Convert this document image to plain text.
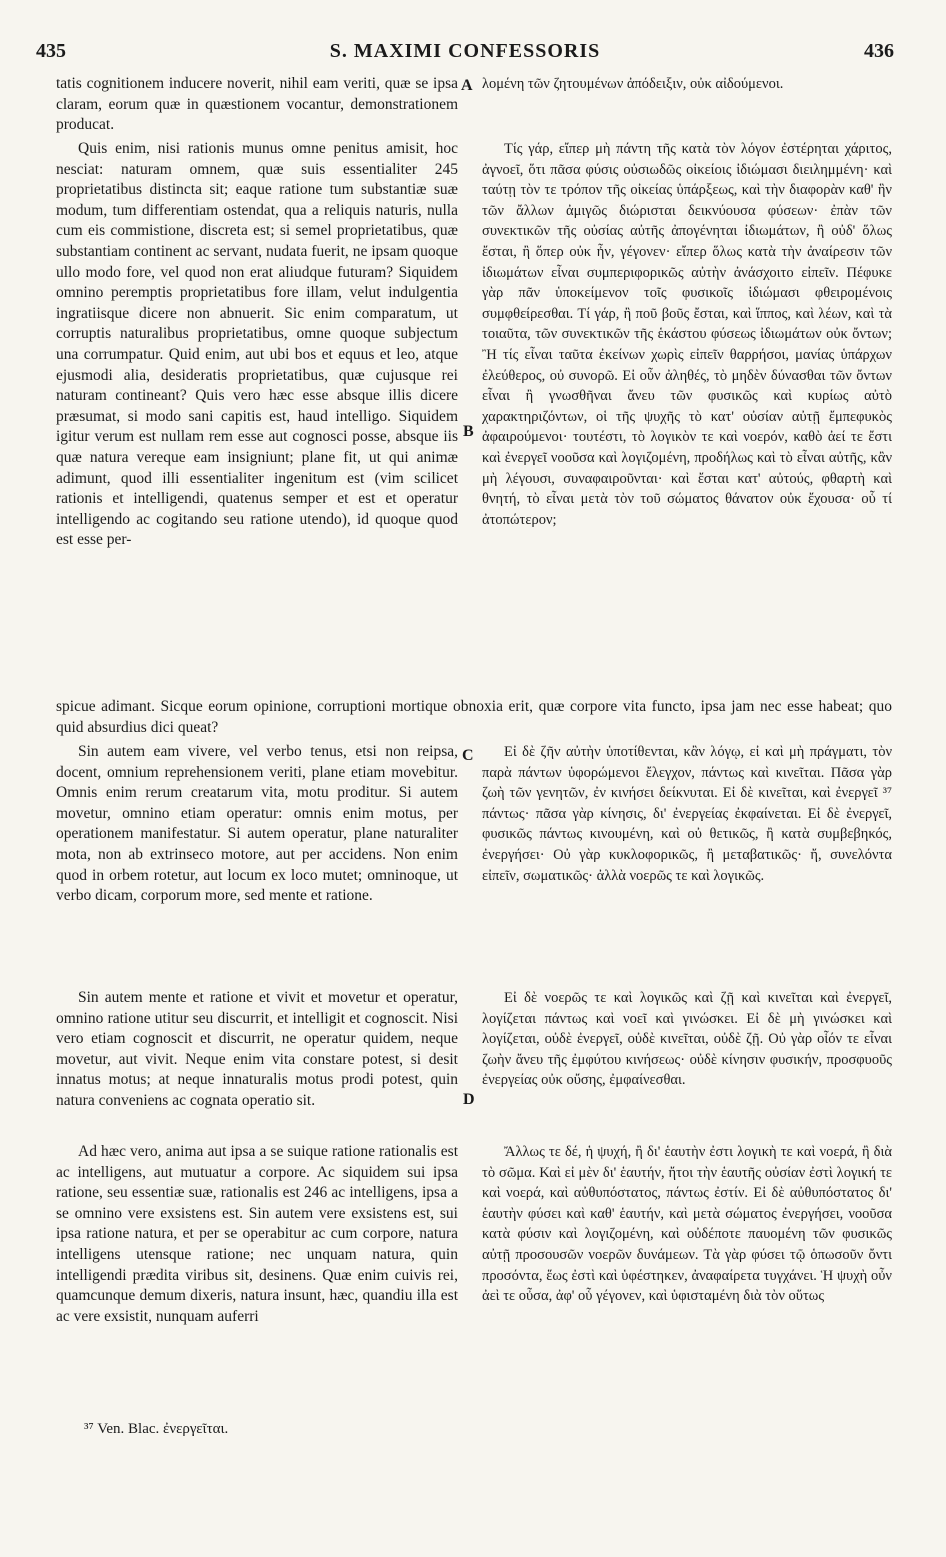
435	S. MAXIMI CONFESSORIS	436

tatis cognitionem inducere noverit, nihil eam veriti, quæ se ipsa claram, eorum quæ in quæstionem vocantur, demonstrationem producat.

Quis enim, nisi rationis munus omne penitus amisit, hoc nesciat: naturam omnem, quæ suis essentialiter 245 proprietatibus distincta sit; eaque ratione tum substantiæ suæ modum, tum differentiam ostendat, qua a reliquis naturis, nulla cum eis commistione, discreta est; si semel proprietatibus, quæ substantiam continent ac servant, nudata fuerit, ne ipsam quoque ullo modo fore, vel quod non erat aliudque futuram? Siquidem omnino peremptis proprietatibus fore illam, velut indulgentia ingratiisque dicere non abnuerit. Sic enim comparatum, ut corruptis naturalibus proprietatibus, omne quoque subjectum una corrumpatur. Quid enim, aut ubi bos et equus et leo, atque ejusmodi alia, desideratis proprietatibus, quæ cujusque rei naturam contineant? Quis vero hæc esse absque illis dicere præsumat, si modo sani capitis est, haud intelligo. Siquidem igitur verum est nullam rem esse aut cognosci posse, absque iis quæ natura vereque eam insigniunt; plane fit, ut qui animæ adimunt, quod illi essentialiter ingenitum est (vim scilicet rationis et intelligendi, quatenus semper et est et operatur intelligendo ac cogitando seu ratione utendo), id quoque quod est esse per-

spicue adimant. Sicque eorum opinione, corruptioni mortique obnoxia erit, quæ corpore vita functo, ipsa jam nec esse habeat; quo quid absurdius dici queat?

Sin autem eam vivere, vel verbo tenus, etsi non reipsa, docent, omnium reprehensionem veriti, plane etiam movebitur. Omnis enim rerum creatarum vita, motu proditur. Si autem movetur, omnino etiam operatur: omnis enim motus, per operationem manifestatur. Si autem operatur, plane naturaliter mota, non ab extrinseco motore, aut per accidens. Non enim quod in orbem rotetur, aut locum ex loco mutet; omninoque, ut verbo dicam, corporum more, sed mente et ratione.

Sin autem mente et ratione et vivit et movetur et operatur, omnino ratione utitur seu discurrit, et intelligit et cognoscit. Nisi vero etiam cognoscit et discurrit, ne operatur quidem, neque movetur, aut vivit. Neque enim vita constare potest, si desit innatus motus; at neque innaturalis motus prodi potest, quin natura conveniens ac cognata operatio sit.

Ad hæc vero, anima aut ipsa a se suique ratione rationalis est ac intelligens, aut mutuatur a corpore. Ac siquidem sui ipsa ratione, seu essentiæ suæ, rationalis est 246 ac intelligens, ipsa a se omnino vere exsistens est. Sin autem vere exsistens est, sui ipsa ratione natura, et per se operabitur ac cum corpore, natura intelligens utensque ratione; nec unquam natura, quin intelligendi prædita viribus sit, desinens. Quæ enim cuivis rei, quamcunque demum dixeris, natura insunt, hæc, quandiu illa est ac vere exsistit, nunquam auferri

λομένη τῶν ζητουμένων ἀπόδειξιν, οὐκ αἰδούμενοι.

Τίς γάρ, εἴπερ μὴ πάντη τῆς κατὰ τὸν λόγον ἐστέρηται χάριτος, ἀγνοεῖ, ὅτι πᾶσα φύσις οὐσιωδῶς οἰκείοις ἰδιώμασι διειλημμένη· καὶ ταύτῃ τὸν τε τρόπον τῆς οἰκείας ὑπάρξεως, καὶ τὴν διαφορὰν καθ' ἣν τῶν ἄλλων ἀμιγῶς διώρισται δεικνύουσα φύσεων· ἐπὰν τῶν συνεκτικῶν τῆς οὐσίας αὐτῆς ἀπογένηται ἰδιωμάτων, ἢ οὐδ' ὅλως ἔσται, ἢ ὅπερ οὐκ ἦν, γέγονεν· εἴπερ ὅλως κατὰ τὴν ἀναίρεσιν τῶν ἰδιωμάτων εἶναι συμπεριφορικῶς αὐτὴν ἀνάσχοιτο εἰπεῖν. Πέφυκε γὰρ πᾶν ὑποκείμενον τοῖς φυσικοῖς ἰδιώμασι φθειρομένοις συμφθείρεσθαι. Τί γάρ, ἢ ποῦ βοῦς ἔσται, καὶ ἵππος, καὶ λέων, καὶ τὰ τοιαῦτα, τῶν συνεκτικῶν τῆς ἑκάστου φύσεως ἰδιωμάτων οὐκ ὄντων; Ἢ τίς εἶναι ταῦτα ἐκείνων χωρὶς εἰπεῖν θαρρήσοι, μανίας ὑπάρχων ἐλεύθερος, οὐ συνορῶ. Εἰ οὖν ἀληθές, τὸ μηδὲν δύνασθαι τῶν ὄντων εἶναι ἢ γνωσθῆναι ἄνευ τῶν φυσικῶς καὶ κυρίως αὐτὸ χαρακτηριζόντων, οἱ τῆς ψυχῆς τὸ κατ' οὐσίαν αὐτῇ ἔμπεφυκὸς ἀφαιρούμενοι· τουτέστι, τὸ λογικὸν τε καὶ νοερόν, καθὸ ἀεί τε ἔστι καὶ ἐνεργεῖ νοοῦσα καὶ λογιζομένη, προδήλως καὶ τὸ εἶναι αὐτῆς, κἂν μὴ λέγουσι, συναφαιροῦνται· καὶ ἔσται κατ' αὐτούς, φθαρτὴ καὶ θνητή, τὸ εἶναι μετὰ τὸν τοῦ σώματος θάνατον οὐκ ἔχουσα· οὗ τί ἀτοπώτερον;

Εἰ δὲ ζῆν αὐτὴν ὑποτίθενται, κἂν λόγῳ, εἰ καὶ μὴ πράγματι, τὸν παρὰ πάντων ὑφορώμενοι ἔλεγχον, πάντως καὶ κινεῖται. Πᾶσα γὰρ ζωὴ τῶν γενητῶν, ἐν κινήσει δείκνυται. Εἰ δὲ κινεῖται, καὶ ἐνεργεῖ ³⁷ πάντως· πᾶσα γὰρ κίνησις, δι' ἐνεργείας ἐκφαίνεται. Εἰ δὲ ἐνεργεῖ, φυσικῶς πάντως κινουμένη, καὶ οὐ θετικῶς, ἢ κατὰ συμβεβηκός, ἐνεργήσει· Οὐ γὰρ κυκλοφορικῶς, ἢ μεταβατικῶς· ἤ, συνελόντα εἰπεῖν, σωματικῶς· ἀλλὰ νοερῶς τε καὶ λογικῶς.

Εἰ δὲ νοερῶς τε καὶ λογικῶς καὶ ζῇ καὶ κινεῖται καὶ ἐνεργεῖ, λογίζεται πάντως καὶ νοεῖ καὶ γινώσκει. Εἰ δὲ μὴ γινώσκει καὶ λογίζεται, οὐδὲ ἐνεργεῖ, οὐδὲ κινεῖται, οὐδὲ ζῇ. Οὐ γὰρ οἷόν τε εἶναι ζωὴν ἄνευ τῆς ἐμφύτου κινήσεως· οὐδὲ κίνησιν φυσικήν, προσφυοῦς ἐνεργείας οὐκ οὔσης, ἐμφαίνεσθαι.

Ἄλλως τε δέ, ἡ ψυχή, ἢ δι' ἑαυτὴν ἐστι λογικὴ τε καὶ νοερά, ἢ διὰ τὸ σῶμα. Καὶ εἰ μὲν δι' ἑαυτήν, ἤτοι τὴν ἑαυτῆς οὐσίαν ἐστὶ λογική τε καὶ νοερά, καὶ αὐθυπόστατος, πάντως ἐστίν. Εἰ δὲ αὐθυπόστατος δι' ἑαυτὴν φύσει καὶ καθ' ἑαυτήν, καὶ μετὰ σώματος ἐνεργήσει, νοοῦσα κατὰ φύσιν καὶ λογιζομένη, καὶ οὐδέποτε παυομένη τῶν φυσικῶς αὐτῇ προσουσῶν νοερῶν δυνάμεων. Τὰ γὰρ φύσει τῷ ὁπωσοῦν ὄντι προσόντα, ἕως ἐστὶ καὶ ὑφέστηκεν, ἀναφαίρετα τυγχάνει. Ἡ ψυχὴ οὖν ἀεὶ τε οὖσα, ἀφ' οὗ γέγονεν, καὶ ὑφισταμένη διὰ τὸν οὕτως

A
B
C
D
³⁷ Ven. Blac. ἐνεργεῖται.
